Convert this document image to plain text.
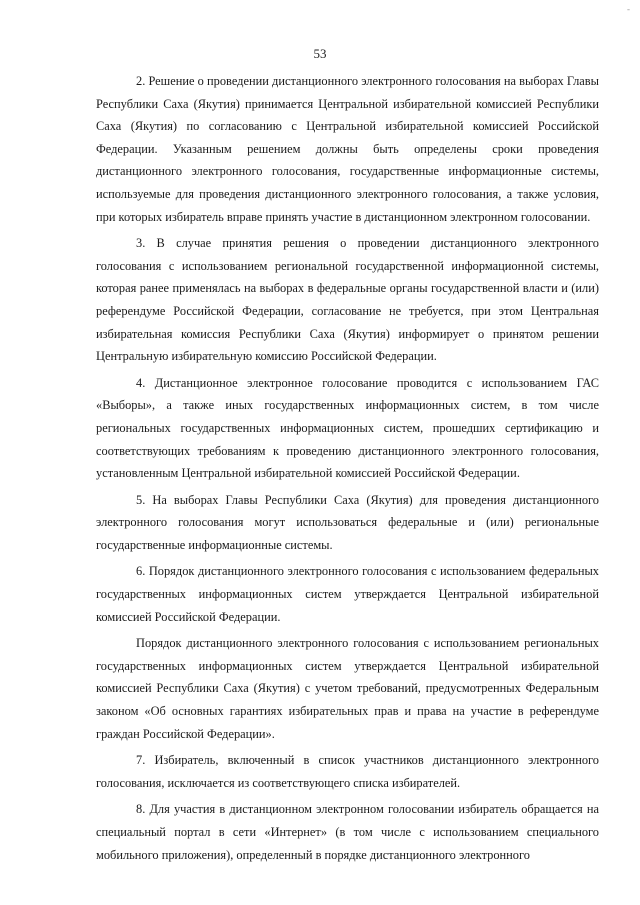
-
53

2. Решение о проведении дистанционного электронного голосования на выборах Главы Республики Саха (Якутия) принимается Центральной избирательной комиссией Республики Саха (Якутия) по согласованию с Центральной избирательной комиссией Российской Федерации. Указанным решением должны быть определены сроки проведения дистанционного электронного голосования, государственные информационные системы, используемые для проведения дистанционного электронного голосования, а также условия, при которых избиратель вправе принять участие в дистанционном электронном голосовании.

3. В случае принятия решения о проведении дистанционного электронного голосования с использованием региональной государственной информационной системы, которая ранее применялась на выборах в федеральные органы государственной власти и (или) референдуме Российской Федерации, согласование не требуется, при этом Центральная избирательная комиссия Республики Саха (Якутия) информирует о принятом решении Центральную избирательную комиссию Российской Федерации.

4. Дистанционное электронное голосование проводится с использованием ГАС «Выборы», а также иных государственных информационных систем, в том числе региональных государственных информационных систем, прошедших сертификацию и соответствующих требованиям к проведению дистанционного электронного голосования, установленным Центральной избирательной комиссией Российской Федерации.

5. На выборах Главы Республики Саха (Якутия) для проведения дистанционного электронного голосования могут использоваться федеральные и (или) региональные государственные информационные системы.

6. Порядок дистанционного электронного голосования с использованием федеральных государственных информационных систем утверждается Центральной избирательной комиссией Российской Федерации.

Порядок дистанционного электронного голосования с использованием региональных государственных информационных систем утверждается Центральной избирательной комиссией Республики Саха (Якутия) с учетом требований, предусмотренных Федеральным законом «Об основных гарантиях избирательных прав и права на участие в референдуме граждан Российской Федерации».

7. Избиратель, включенный в список участников дистанционного электронного голосования, исключается из соответствующего списка избирателей.

8. Для участия в дистанционном электронном голосовании избиратель обращается на специальный портал в сети «Интернет» (в том числе с использованием специального мобильного приложения), определенный в порядке дистанционного электронного
